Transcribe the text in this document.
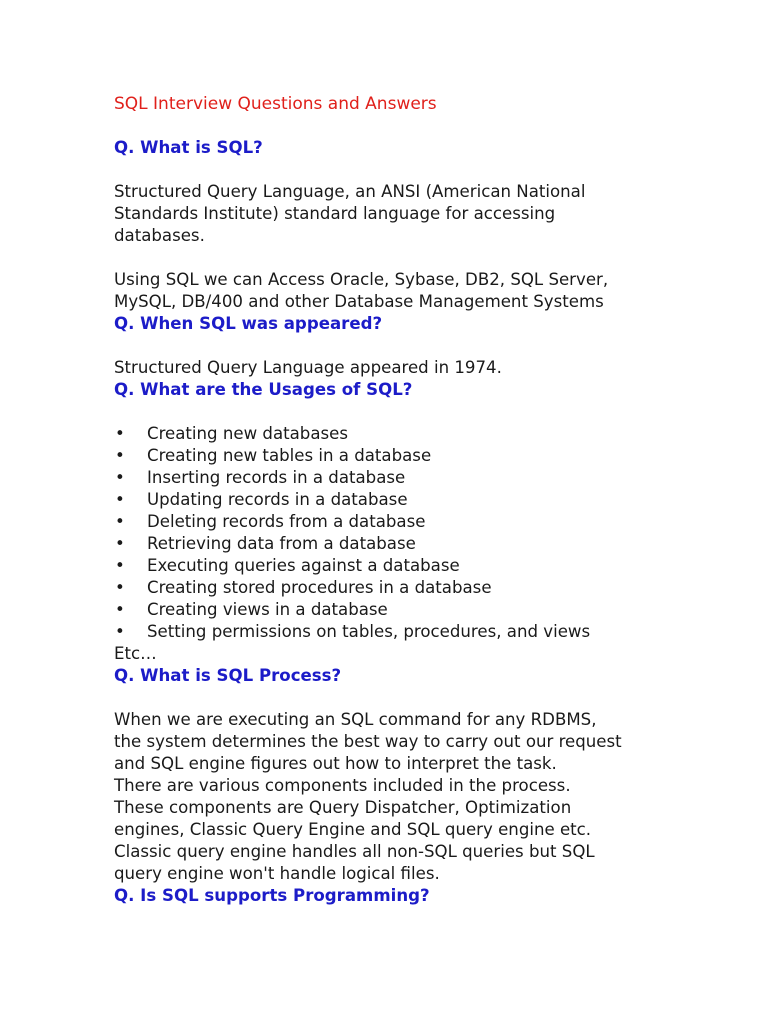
SQL Interview Questions and Answers

Q. What is SQL?

Structured Query Language, an ANSI (American National Standards Institute) standard language for accessing databases.

Using SQL we can Access Oracle, Sybase, DB2, SQL Server, MySQL, DB/400 and other Database Management Systems

Q. When SQL was appeared?

Structured Query Language appeared in 1974.

Q. What are the Usages of SQL?

• Creating new databases
• Creating new tables in a database
• Inserting records in a database
• Updating records in a database
• Deleting records from a database
• Retrieving data from a database
• Executing queries against a database
• Creating stored procedures in a database
• Creating views in a database
• Setting permissions on tables, procedures, and views

Etc…

Q. What is SQL Process?

When we are executing an SQL command for any RDBMS,

the system determines the best way to carry out our request

and SQL engine figures out how to interpret the task.

There are various components included in the process.

These components are Query Dispatcher, Optimization

engines, Classic Query Engine and SQL query engine etc.

Classic query engine handles all non-SQL queries but SQL

query engine won't handle logical files.

Q. Is SQL supports Programming?
